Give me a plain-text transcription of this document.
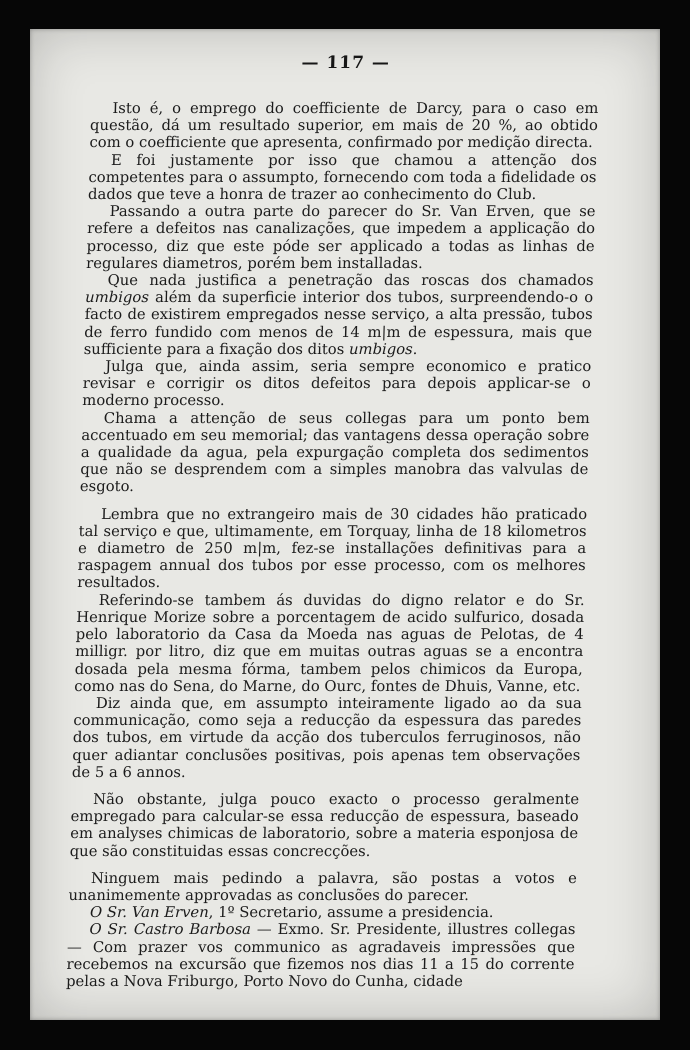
— 117 —

Isto é, o emprego do coefficiente de Darcy, para o caso em questão, dá um resultado superior, em mais de 20 %, ao obtido com o coefficiente que apresenta, confirmado por medição directa.

E foi justamente por isso que chamou a attenção dos competentes para o assumpto, fornecendo com toda a fidelidade os dados que teve a honra de trazer ao conhecimento do Club.

Passando a outra parte do parecer do Sr. Van Erven, que se refere a defeitos nas canalizações, que impedem a applicação do processo, diz que este póde ser applicado a todas as linhas de regulares diametros, porém bem installadas.

Que nada justifica a penetração das roscas dos chamados umbigos além da superficie interior dos tubos, surpreendendo-o o facto de existirem empregados nesse serviço, a alta pressão, tubos de ferro fundido com menos de 14 m|m de espessura, mais que sufficiente para a fixação dos ditos umbigos.

Julga que, ainda assim, seria sempre economico e pratico revisar e corrigir os ditos defeitos para depois applicar-se o moderno processo.

Chama a attenção de seus collegas para um ponto bem accentuado em seu memorial; das vantagens dessa operação sobre a qualidade da agua, pela expurgação completa dos sedimentos que não se desprendem com a simples manobra das valvulas de esgoto.

Lembra que no extrangeiro mais de 30 cidades hão praticado tal serviço e que, ultimamente, em Torquay, linha de 18 kilometros e diametro de 250 m|m, fez-se installações definitivas para a raspagem annual dos tubos por esse processo, com os melhores resultados.

Referindo-se tambem ás duvidas do digno relator e do Sr. Henrique Morize sobre a porcentagem de acido sulfurico, dosada pelo laboratorio da Casa da Moeda nas aguas de Pelotas, de 4 milligr. por litro, diz que em muitas outras aguas se a encontra dosada pela mesma fórma, tambem pelos chimicos da Europa, como nas do Sena, do Marne, do Ourc, fontes de Dhuis, Vanne, etc.

Diz ainda que, em assumpto inteiramente ligado ao da sua communicação, como seja a reducção da espessura das paredes dos tubos, em virtude da acção dos tuberculos ferruginosos, não quer adiantar conclusões positivas, pois apenas tem observações de 5 a 6 annos.

Não obstante, julga pouco exacto o processo geralmente empregado para calcular-se essa reducção de espessura, baseado em analyses chimicas de laboratorio, sobre a materia esponjosa de que são constituidas essas concrecções.

Ninguem mais pedindo a palavra, são postas a votos e unanimemente approvadas as conclusões do parecer.

O Sr. Van Erven, 1º Secretario, assume a presidencia.

O Sr. Castro Barbosa — Exmo. Sr. Presidente, illustres collegas — Com prazer vos communico as agradaveis impressões que recebemos na excursão que fizemos nos dias 11 a 15 do corrente pelas a Nova Friburgo, Porto Novo do Cunha, cidade
